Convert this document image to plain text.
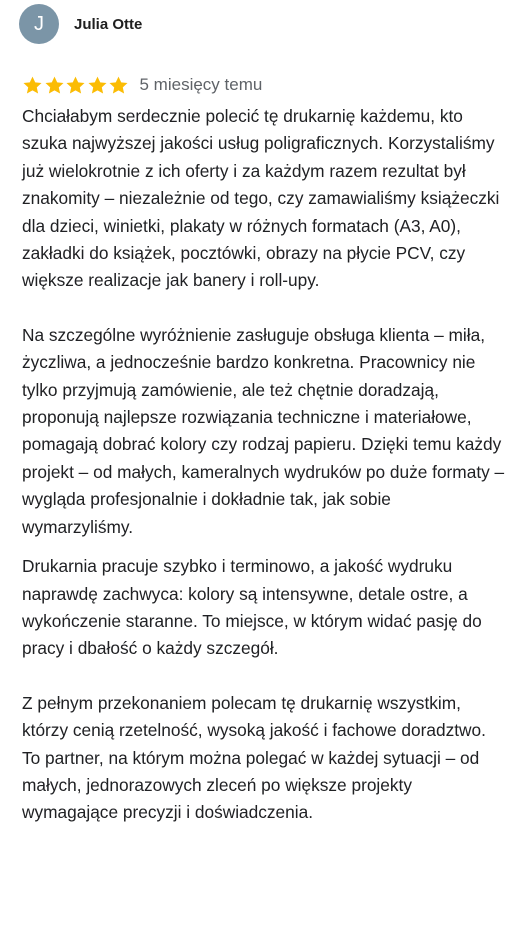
J	Julia Otte
5 miesięcy temu

Chciałabym serdecznie polecić tę drukarnię każdemu, kto szuka najwyższej jakości usług poligraficznych. Korzystaliśmy już wielokrotnie z ich oferty i za każdym razem rezultat był znakomity – niezależnie od tego, czy zamawialiśmy książeczki dla dzieci, winietki, plakaty w różnych formatach (A3, A0), zakładki do książek, pocztówki, obrazy na płycie PCV, czy większe realizacje jak banery i roll-upy.

Na szczególne wyróżnienie zasługuje obsługa klienta – miła, życzliwa, a jednocześnie bardzo konkretna. Pracownicy nie tylko przyjmują zamówienie, ale też chętnie doradzają, proponują najlepsze rozwiązania techniczne i materiałowe, pomagają dobrać kolory czy rodzaj papieru. Dzięki temu każdy projekt – od małych, kameralnych wydruków po duże formaty – wygląda profesjonalnie i dokładnie tak, jak sobie wymarzyliśmy.

Drukarnia pracuje szybko i terminowo, a jakość wydruku naprawdę zachwyca: kolory są intensywne, detale ostre, a wykończenie staranne. To miejsce, w którym widać pasję do pracy i dbałość o każdy szczegół.

Z pełnym przekonaniem polecam tę drukarnię wszystkim, którzy cenią rzetelność, wysoką jakość i fachowe doradztwo. To partner, na którym można polegać w każdej sytuacji – od małych, jednorazowych zleceń po większe projekty wymagające precyzji i doświadczenia.
